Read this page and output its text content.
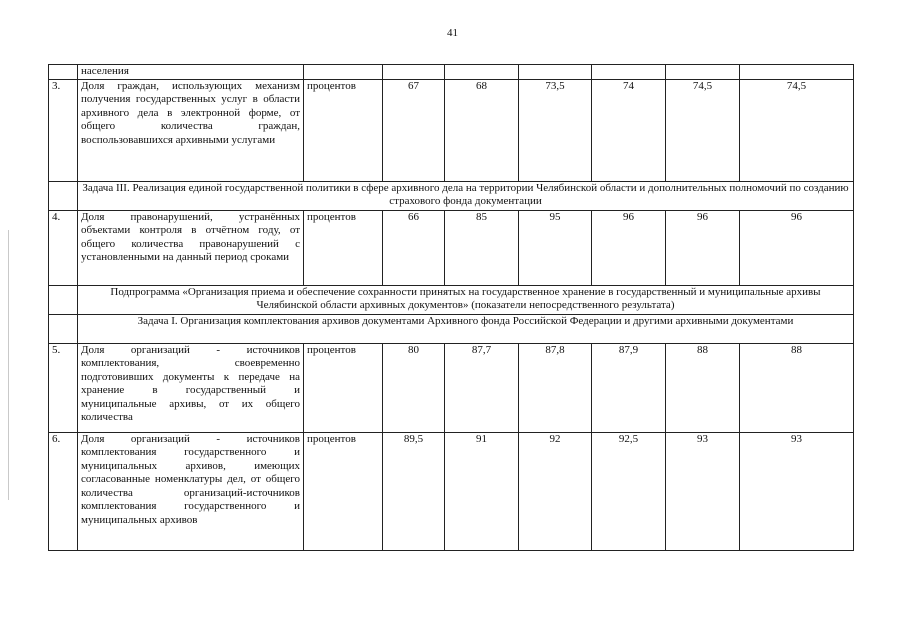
41
	населения							
3.	Доля граждан, использующих механизм получения государственных услуг в области архивного дела в электронной форме, от общего количества граждан, воспользовавшихся архивными услугами	процентов	67	68	73,5	74	74,5	74,5
	Задача III. Реализация единой государственной политики в сфере архивного дела на территории Челябинской области и дополнительных полномочий по созданию страхового фонда документации							
4.	Доля правонарушений, устранённых объектами контроля в отчётном году, от общего количества правонарушений с установленными на данный период сроками	процентов	66	85	95	96	96	96
	Подпрограмма «Организация приема и обеспечение сохранности принятых на государственное хранение в государственный и муниципальные архивы Челябинской области архивных документов» (показатели непосредственного результата)							
	Задача I. Организация комплектования архивов документами Архивного фонда Российской Федерации и другими архивными документами							
5.	Доля организаций - источников комплектования, своевременно подготовивших документы к передаче на хранение в государственный и муниципальные архивы, от их общего количества	процентов	80	87,7	87,8	87,9	88	88
6.	Доля организаций - источников комплектования государственного и муниципальных архивов, имеющих согласованные номенклатуры дел, от общего количества организаций-источников комплектования государственного и муниципальных архивов	процентов	89,5	91	92	92,5	93	93
